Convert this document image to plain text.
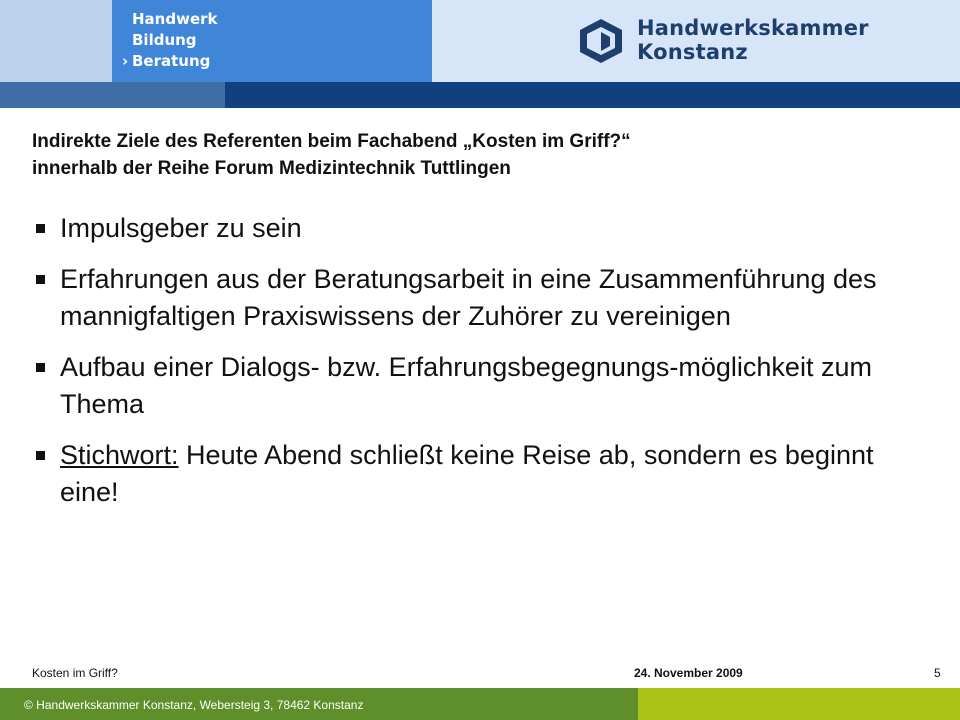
Handwerk
Bildung
› Beratung
Handwerkskammer
Konstanz
Indirekte Ziele des Referenten beim Fachabend „Kosten im Griff?“
innerhalb der Reihe Forum Medizintechnik Tuttlingen
Impulsgeber zu sein
Erfahrungen aus der Beratungsarbeit in eine Zusammenführung des mannigfaltigen Praxiswissens der Zuhörer zu vereinigen
Aufbau einer Dialogs- bzw. Erfahrungsbegegnungs-möglichkeit zum Thema
Stichwort: Heute Abend schließt keine Reise ab, sondern es beginnt eine!
Kosten im Griff?	24. November 2009	5
© Handwerkskammer Konstanz, Webersteig 3, 78462 Konstanz
